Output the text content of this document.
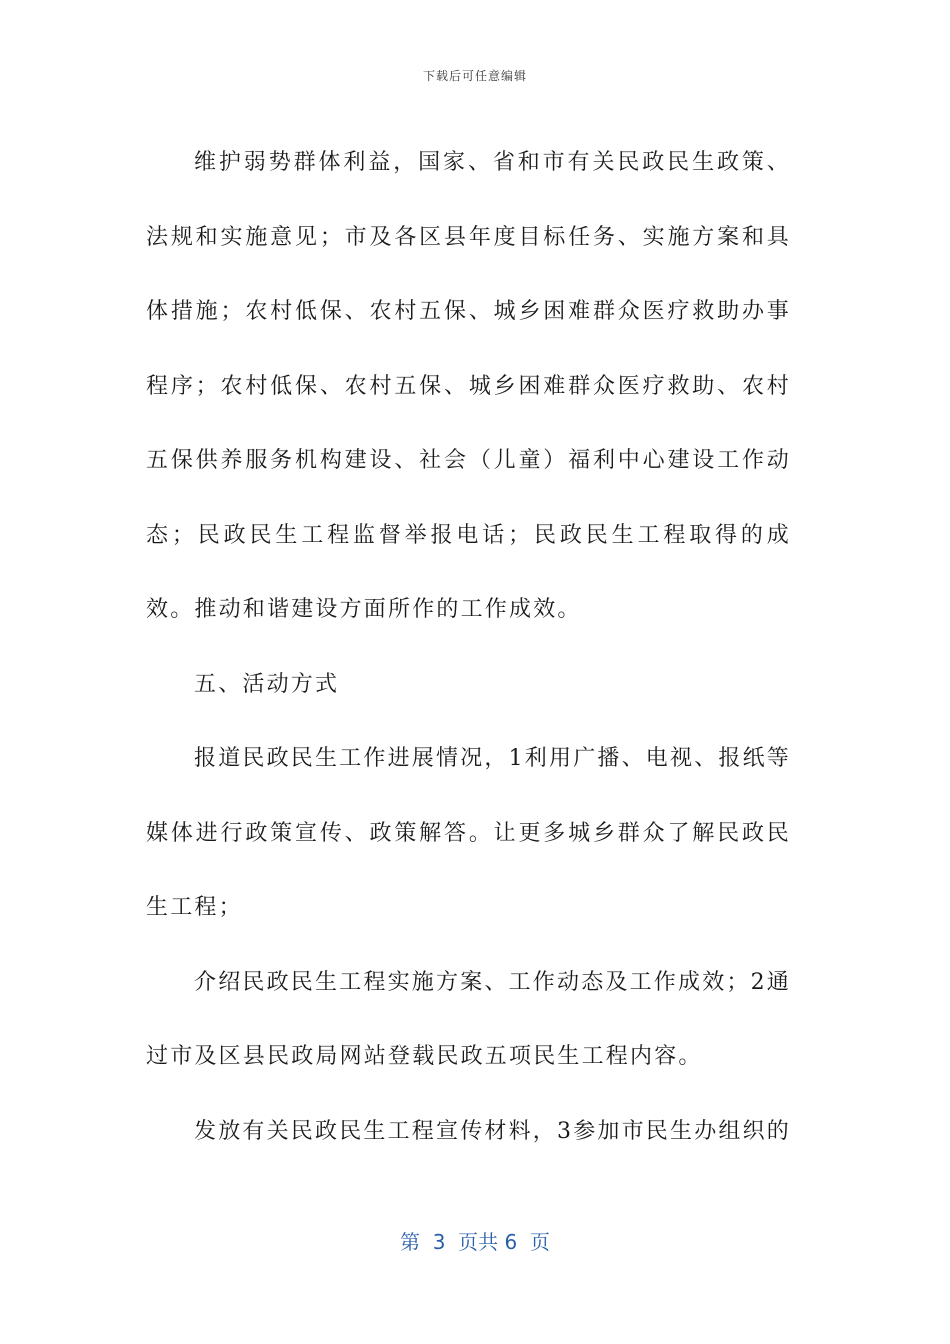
下载后可任意编辑

维护弱势群体利益，国家、省和市有关民政民生政策、法规和实施意见；市及各区县年度目标任务、实施方案和具体措施；农村低保、农村五保、城乡困难群众医疗救助办事程序；农村低保、农村五保、城乡困难群众医疗救助、农村五保供养服务机构建设、社会（儿童）福利中心建设工作动态；民政民生工程监督举报电话；民政民生工程取得的成效。推动和谐建设方面所作的工作成效。

五、活动方式

报道民政民生工作进展情况，1利用广播、电视、报纸等媒体进行政策宣传、政策解答。让更多城乡群众了解民政民生工程；

介绍民政民生工程实施方案、工作动态及工作成效；2通过市及区县民政局网站登载民政五项民生工程内容。

发放有关民政民生工程宣传材料，3参加市民生办组织的

第  3  页共 6  页
